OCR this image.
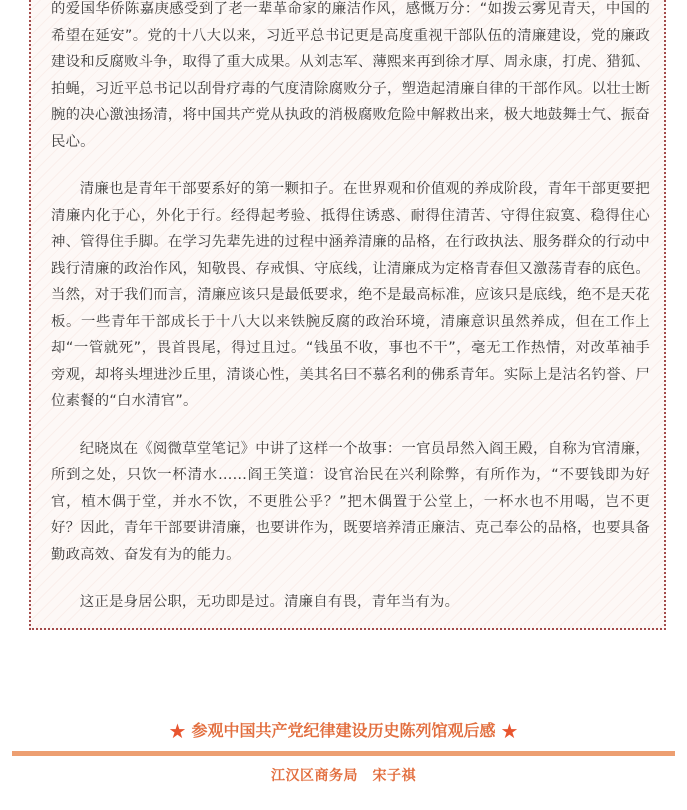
的爱国华侨陈嘉庚感受到了老一辈革命家的廉洁作风，感慨万分：“如拨云雾见青天，中国的希望在延安”。党的十八大以来，习近平总书记更是高度重视干部队伍的清廉建设，党的廉政建设和反腐败斗争，取得了重大成果。从刘志军、薄熙来再到徐才厚、周永康，打虎、猎狐、拍蝇，习近平总书记以刮骨疗毒的气度清除腐败分子，塑造起清廉自律的干部作风。以壮士断腕的决心激浊扬清，将中国共产党从执政的消极腐败危险中解救出来，极大地鼓舞士气、振奋民心。

清廉也是青年干部要系好的第一颗扣子。在世界观和价值观的养成阶段，青年干部更要把清廉内化于心，外化于行。经得起考验、抵得住诱惑、耐得住清苦、守得住寂寞、稳得住心神、管得住手脚。在学习先辈先进的过程中涵养清廉的品格，在行政执法、服务群众的行动中践行清廉的政治作风，知敬畏、存戒惧、守底线，让清廉成为定格青春但又激荡青春的底色。当然，对于我们而言，清廉应该只是最低要求，绝不是最高标准，应该只是底线，绝不是天花板。一些青年干部成长于十八大以来铁腕反腐的政治环境，清廉意识虽然养成，但在工作上却“一管就死”，畏首畏尾，得过且过。“钱虽不收，事也不干”，毫无工作热情，对改革袖手旁观，却将头埋进沙丘里，清谈心性，美其名曰不慕名利的佛系青年。实际上是沽名钓誉、尸位素餐的“白水清官”。

纪晓岚在《阅微草堂笔记》中讲了这样一个故事：一官员昂然入阎王殿，自称为官清廉，所到之处，只饮一杯清水……阎王笑道：设官治民在兴利除弊，有所作为，“不要钱即为好官，植木偶于堂，并水不饮，不更胜公乎？”把木偶置于公堂上，一杯水也不用喝，岂不更好？因此，青年干部要讲清廉，也要讲作为，既要培养清正廉洁、克己奉公的品格，也要具备勤政高效、奋发有为的能力。

这正是身居公职，无功即是过。清廉自有畏，青年当有为。

★ 参观中国共产党纪律建设历史陈列馆观后感 ★
江汉区商务局　宋子祺
